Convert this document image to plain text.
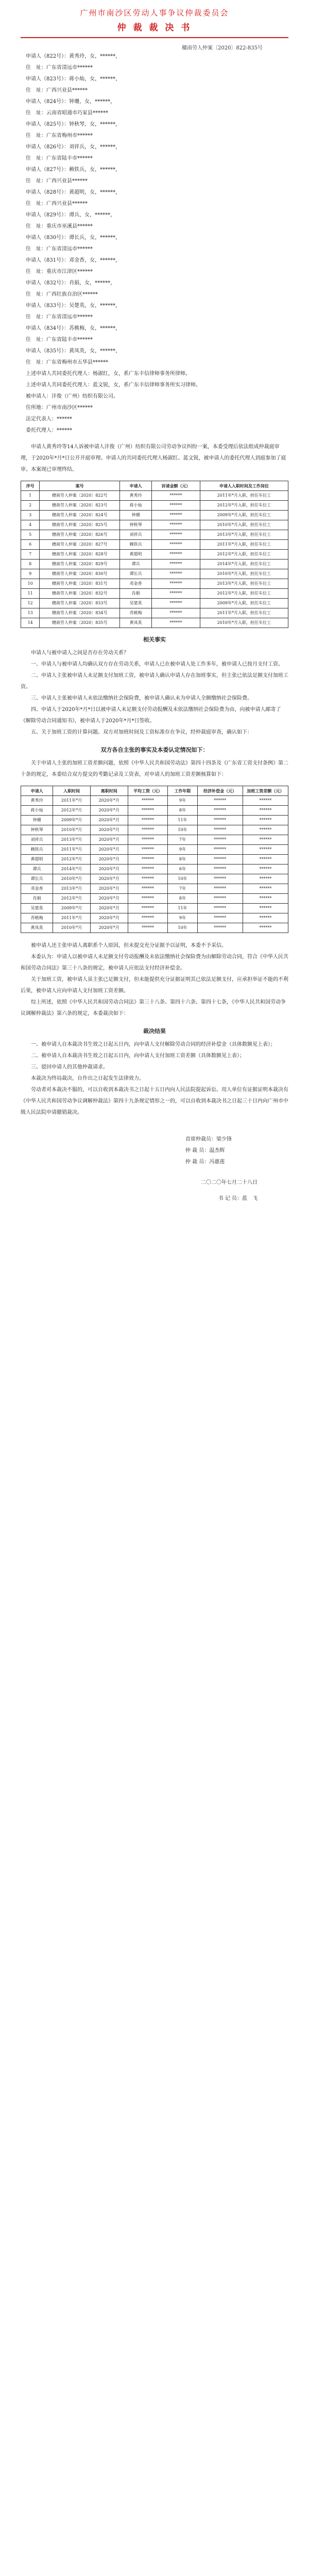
广州市南沙区劳动人事争议仲裁委员会
仲 裁 裁 决 书
穗南劳人仲案〔2020〕822-835号

申请人（822号）：黄秀玲，女，******，

住　址：广东省清远市******

申请人（823号）：蒋小灿，女，******，

住　址：广西兴业县******

申请人（824号）：钟珊，女，******，

住　址：云南省昭通市巧家县******

申请人（825号）：钟秋琴，女，******，

住　址：广东省梅州市******

申请人（826号）：刘祥兵，女，******，

住　址：广东省陆丰市******

申请人（827号）：赖铁兵，女，******，

住　址：广西兴业县******

申请人（828号）：黄超明，女，******，

住　址：广西兴业县******

申请人（829号）：谭兵，女，******，

住　址：重庆市巫溪县******

申请人（830号）：谭长兵，女，******，

住　址：广东省清远市******

申请人（831号）：邓金香，女，******，

住　址：重庆市江津区******

申请人（832号）：肖娟，女，******，

住　址：广西壮族自治区******

申请人（833号）：吴楚英，女，******，

住　址：广东省清远市******

申请人（834号）：苏桃梅，女，******，

住　址：广东省陆丰市******

申请人（835号）：黄凤英，女，******，

住　址：广东省梅州市五华县******

上述申请人共同委托代理人：杨淑红，女，系广东丰信律师事务所律师。

上述申请人共同委托代理人：蓝文锐，女，系广东丰信律师事务所实习律师。

被申请人：沣俊（广州）纺织有限公司。

住所地：广州市南沙区******

法定代表人：******

委托代理人：******

申请人黄秀玲等14人诉被申请人沣俊（广州）纺织有限公司劳动争议纠纷一案，本委受理后依法组成仲裁庭审理，于2020年*月*日公开开庭审理。申请人的共同委托代理人杨淑红、蓝文锐，被申请人的委托代理人到庭参加了庭审。本案现已审理终结。

序号	案号	申请人	诉请金额（元）	申请人入职时间及工作岗位
1	穗南劳人仲案〔2020〕822号	黄秀玲	******	2011年*月入职，担任车位工
2	穗南劳人仲案〔2020〕823号	蒋小灿	******	2012年*月入职，担任车位工
3	穗南劳人仲案〔2020〕824号	钟珊	******	2009年*月入职，担任车位工
4	穗南劳人仲案〔2020〕825号	钟秋琴	******	2010年*月入职，担任车位工
5	穗南劳人仲案〔2020〕826号	刘祥兵	******	2013年*月入职，担任车位工
6	穗南劳人仲案〔2020〕827号	赖铁兵	******	2011年*月入职，担任车位工
7	穗南劳人仲案〔2020〕828号	黄超明	******	2012年*月入职，担任车位工
8	穗南劳人仲案〔2020〕829号	谭兵	******	2014年*月入职，担任车位工
9	穗南劳人仲案〔2020〕830号	谭长兵	******	2010年*月入职，担任车位工
10	穗南劳人仲案〔2020〕831号	邓金香	******	2013年*月入职，担任车位工
11	穗南劳人仲案〔2020〕832号	肖娟	******	2012年*月入职，担任车位工
12	穗南劳人仲案〔2020〕833号	吴楚英	******	2009年*月入职，担任车位工
13	穗南劳人仲案〔2020〕834号	苏桃梅	******	2011年*月入职，担任车位工
14	穗南劳人仲案〔2020〕835号	黄凤英	******	2010年*月入职，担任车位工
相关事实

申请人与被申请人之间是否存在劳动关系？

一、申请人与被申请人均确认双方存在劳动关系，申请人已在被申请人处工作多年，被申请人已按月支付工资。

二、申请人主张被申请人未足额支付加班工资，被申请人确认申请人存在加班事实，但主张已依法足额支付加班工资。

三、申请人主张被申请人未依法缴纳社会保险费，被申请人确认未为申请人全额缴纳社会保险费。

四、申请人于2020年*月*日以被申请人未足额支付劳动报酬及未依法缴纳社会保险费为由，向被申请人邮寄了《解除劳动合同通知书》，被申请人于2020年*月*日签收。

五、关于加班工资的计算问题。双方对加班时间及工资标准存在争议，经仲裁庭审查，确认如下：

双方各自主张的事实及本委认定情况如下：

关于申请人主张的加班工资差额问题，依照《中华人民共和国劳动法》第四十四条及《广东省工资支付条例》第二十条的规定，本委结合双方提交的考勤记录及工资表，对申请人的加班工资差额核算如下：

申请人	入职时间	离职时间	平均工资（元）	工作年限	经济补偿金（元）	加班工资差额（元）
黄秀玲	2011年*月	2020年*月	******	9年	******	******
蒋小灿	2012年*月	2020年*月	******	8年	******	******
钟珊	2009年*月	2020年*月	******	11年	******	******
钟秋琴	2010年*月	2020年*月	******	10年	******	******
刘祥兵	2013年*月	2020年*月	******	7年	******	******
赖铁兵	2011年*月	2020年*月	******	9年	******	******
黄超明	2012年*月	2020年*月	******	8年	******	******
谭兵	2014年*月	2020年*月	******	6年	******	******
谭长兵	2010年*月	2020年*月	******	10年	******	******
邓金香	2013年*月	2020年*月	******	7年	******	******
肖娟	2012年*月	2020年*月	******	8年	******	******
吴楚英	2009年*月	2020年*月	******	11年	******	******
苏桃梅	2011年*月	2020年*月	******	9年	******	******
黄凤英	2010年*月	2020年*月	******	10年	******	******

被申请人还主张申请人离职系个人原因，但未提交充分证据予以证明，本委不予采信。

本委认为：申请人以被申请人未足额支付劳动报酬及未依法缴纳社会保险费为由解除劳动合同，符合《中华人民共和国劳动合同法》第三十八条的规定，被申请人应依法支付经济补偿金。

关于加班工资，被申请人虽主张已足额支付，但未能提供充分证据证明其已依法足额支付，应承担举证不能的不利后果，被申请人应向申请人支付加班工资差额。

综上所述，依照《中华人民共和国劳动合同法》第三十八条、第四十六条、第四十七条，《中华人民共和国劳动争议调解仲裁法》第六条的规定，本委裁决如下：

裁决结果

一、被申请人自本裁决书生效之日起五日内，向申请人支付解除劳动合同的经济补偿金（具体数额见上表）；

二、被申请人自本裁决书生效之日起五日内，向申请人支付加班工资差额（具体数额见上表）；

三、驳回申请人的其他仲裁请求。

本裁决为终局裁决，自作出之日起发生法律效力。

劳动者对本裁决不服的，可以自收到本裁决书之日起十五日内向人民法院提起诉讼。用人单位有证据证明本裁决有《中华人民共和国劳动争议调解仲裁法》第四十九条规定情形之一的，可以自收到本裁决书之日起三十日内向广州市中级人民法院申请撤销裁决。

首席仲裁员：梁少锋

仲 裁 员：温杰辉

仲 裁 员：冯惠莲

二〇二〇年七月二十八日

书 记 员：蓝　飞
